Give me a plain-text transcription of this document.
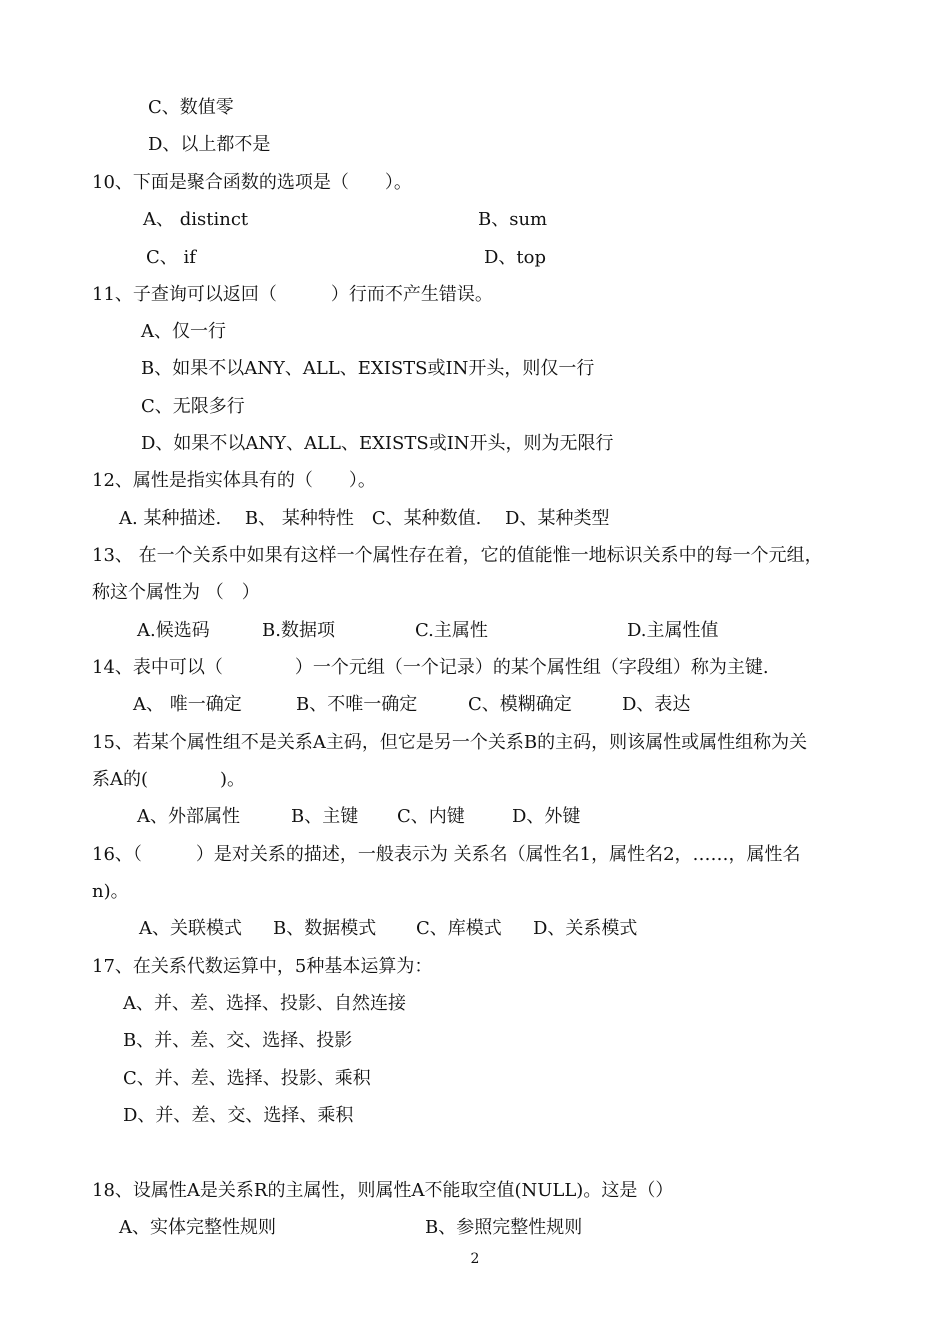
C、数值零
D、以上都不是
10、下面是聚合函数的选项是（　　）。
A、 distinct	B、sum
C、 if	D、top
11、子查询可以返回（　　　）行而不产生错误。
A、仅一行
B、如果不以ANY、ALL、EXISTS或IN开头，则仅一行
C、无限多行
D、如果不以ANY、ALL、EXISTS或IN开头，则为无限行
12、属性是指实体具有的（　　）。
A. 某种描述.　 B、 某种特性　C、某种数值.　 D、某种类型
13、 在一个关系中如果有这样一个属性存在着，它的值能惟一地标识关系中的每一个元组，
称这个属性为 （　）
A.候选码	B.数据项	C.主属性	D.主属性值
14、表中可以（　　　　）一个元组（一个记录）的某个属性组（字段组）称为主键.
A、 唯一确定	B、不唯一确定	C、模糊确定	D、表达
15、若某个属性组不是关系A主码，但它是另一个关系B的主码，则该属性或属性组称为关
系A的(　　　　)。
A、外部属性	B、主键 C、内键	D、外键
16、（　　　）是对关系的描述，一般表示为 关系名（属性名1，属性名2，……，属性名
n)。
A、关联模式 B、数据模式 C、库模式 D、关系模式
17、在关系代数运算中，5种基本运算为：
A、并、差、选择、投影、自然连接
B、并、差、交、选择、投影
C、并、差、选择、投影、乘积
D、并、差、交、选择、乘积
18、设属性A是关系R的主属性，则属性A不能取空值(NULL)。这是（）
A、实体完整性规则	B、参照完整性规则
2
